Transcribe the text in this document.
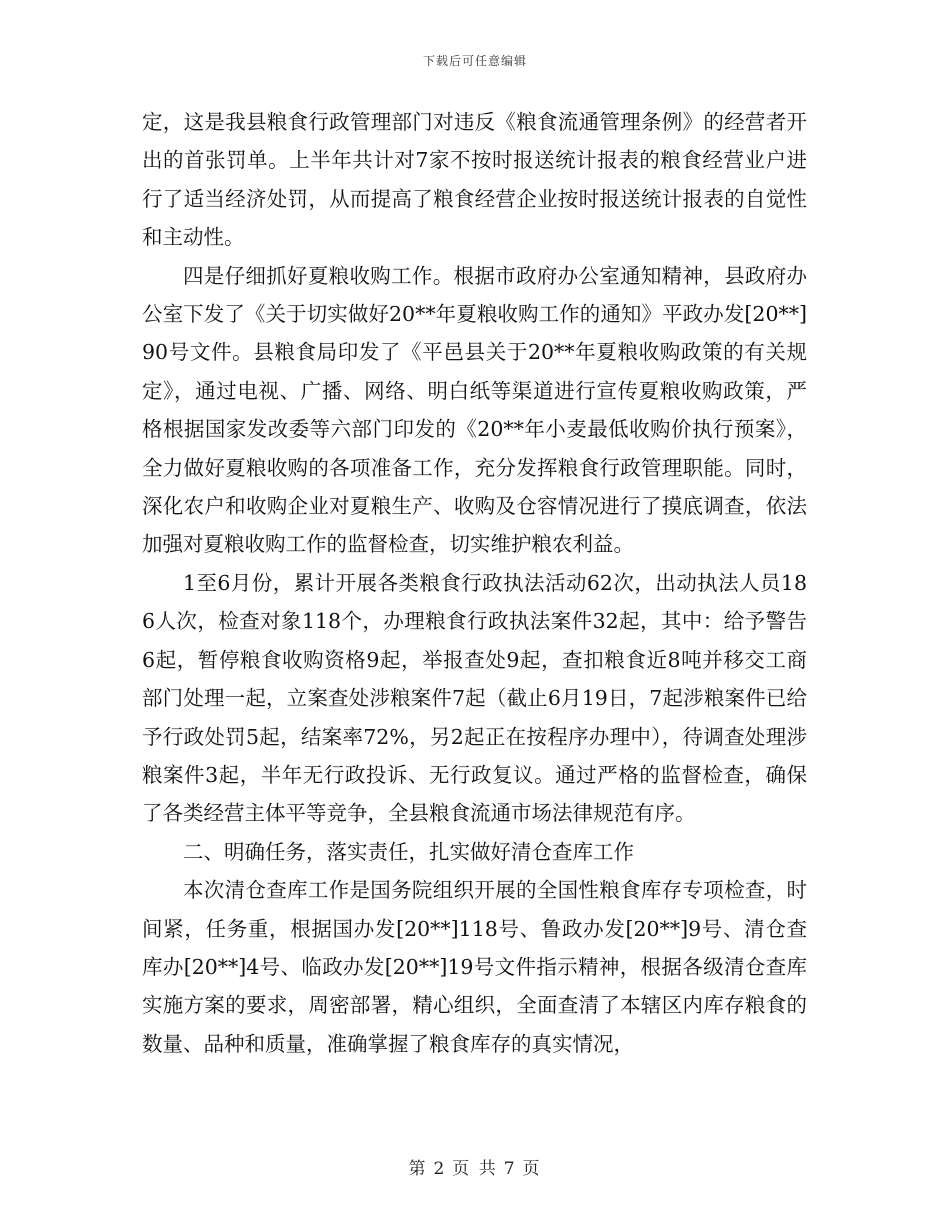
下载后可任意编辑

定，这是我县粮食行政管理部门对违反《粮食流通管理条例》的经营者开出的首张罚单。上半年共计对7家不按时报送统计报表的粮食经营业户进行了适当经济处罚，从而提高了粮食经营企业按时报送统计报表的自觉性和主动性。

四是仔细抓好夏粮收购工作。根据市政府办公室通知精神，县政府办公室下发了《关于切实做好20**年夏粮收购工作的通知》平政办发[20**]90号文件。县粮食局印发了《平邑县关于20**年夏粮收购政策的有关规定》，通过电视、广播、网络、明白纸等渠道进行宣传夏粮收购政策，严格根据国家发改委等六部门印发的《20**年小麦最低收购价执行预案》，全力做好夏粮收购的各项准备工作，充分发挥粮食行政管理职能。同时，深化农户和收购企业对夏粮生产、收购及仓容情况进行了摸底调查，依法加强对夏粮收购工作的监督检查，切实维护粮农利益。

1至6月份，累计开展各类粮食行政执法活动62次，出动执法人员186人次，检查对象118个，办理粮食行政执法案件32起，其中：给予警告6起，暂停粮食收购资格9起，举报查处9起，查扣粮食近8吨并移交工商部门处理一起，立案查处涉粮案件7起（截止6月19日，7起涉粮案件已给予行政处罚5起，结案率72%，另2起正在按程序办理中），待调查处理涉粮案件3起，半年无行政投诉、无行政复议。通过严格的监督检查，确保了各类经营主体平等竞争，全县粮食流通市场法律规范有序。

二、明确任务，落实责任，扎实做好清仓查库工作

本次清仓查库工作是国务院组织开展的全国性粮食库存专项检查，时间紧，任务重，根据国办发[20**]118号、鲁政办发[20**]9号、清仓查库办[20**]4号、临政办发[20**]19号文件指示精神，根据各级清仓查库实施方案的要求，周密部署，精心组织，全面查清了本辖区内库存粮食的数量、品种和质量，准确掌握了粮食库存的真实情况，

第 2 页 共 7 页
